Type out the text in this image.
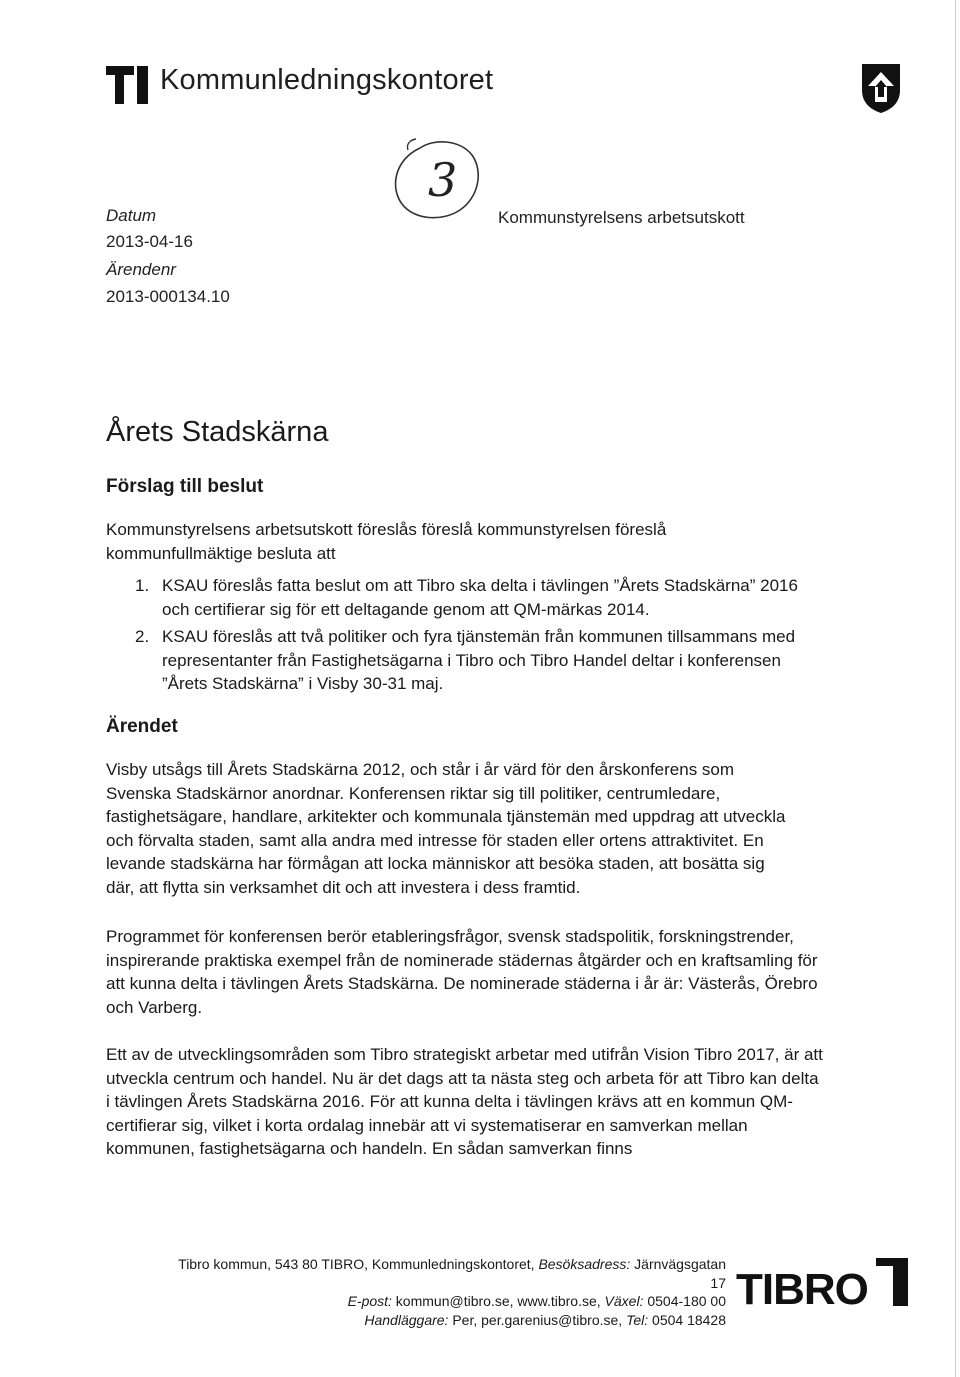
Kommunledningskontoret
3
Datum
2013-04-16
Ärendenr
2013-000134.10
Kommunstyrelsens arbetsutskott
Årets Stadskärna
Förslag till beslut
Kommunstyrelsens arbetsutskott föreslås föreslå kommunstyrelsen föreslå kommunfullmäktige besluta att
1. KSAU föreslås fatta beslut om att Tibro ska delta i tävlingen ”Årets Stadskärna” 2016 och certifierar sig för ett deltagande genom att QM-märkas 2014.
2. KSAU föreslås att två politiker och fyra tjänstemän från kommunen tillsammans med representanter från Fastighetsägarna i Tibro och Tibro Handel deltar i konferensen ”Årets Stadskärna” i Visby 30-31 maj.
Ärendet
Visby utsågs till Årets Stadskärna 2012, och står i år värd för den årskonferens som Svenska Stadskärnor anordnar. Konferensen riktar sig till politiker, centrumledare, fastighetsägare, handlare, arkitekter och kommunala tjänstemän med uppdrag att utveckla och förvalta staden, samt alla andra med intresse för staden eller ortens attraktivitet. En levande stadskärna har förmågan att locka människor att besöka staden, att bosätta sig där, att flytta sin verksamhet dit och att investera i dess framtid.
Programmet för konferensen berör etableringsfrågor, svensk stadspolitik, forskningstrender, inspirerande praktiska exempel från de nominerade städernas åtgärder och en kraftsamling för att kunna delta i tävlingen Årets Stadskärna. De nominerade städerna i år är: Västerås, Örebro och Varberg.
Ett av de utvecklingsområden som Tibro strategiskt arbetar med utifrån Vision Tibro 2017, är att utveckla centrum och handel. Nu är det dags att ta nästa steg och arbeta för att Tibro kan delta i tävlingen Årets Stadskärna 2016. För att kunna delta i tävlingen krävs att en kommun QM-certifierar sig, vilket i korta ordalag innebär att vi systematiserar en samverkan mellan kommunen, fastighetsägarna och handeln. En sådan samverkan finns
Tibro kommun, 543 80 TIBRO, Kommunledningskontoret, Besöksadress: Järnvägsgatan 17
E-post: kommun@tibro.se, www.tibro.se, Växel: 0504-180 00
Handläggare: Per, per.garenius@tibro.se, Tel: 0504 18428
TIBRO
